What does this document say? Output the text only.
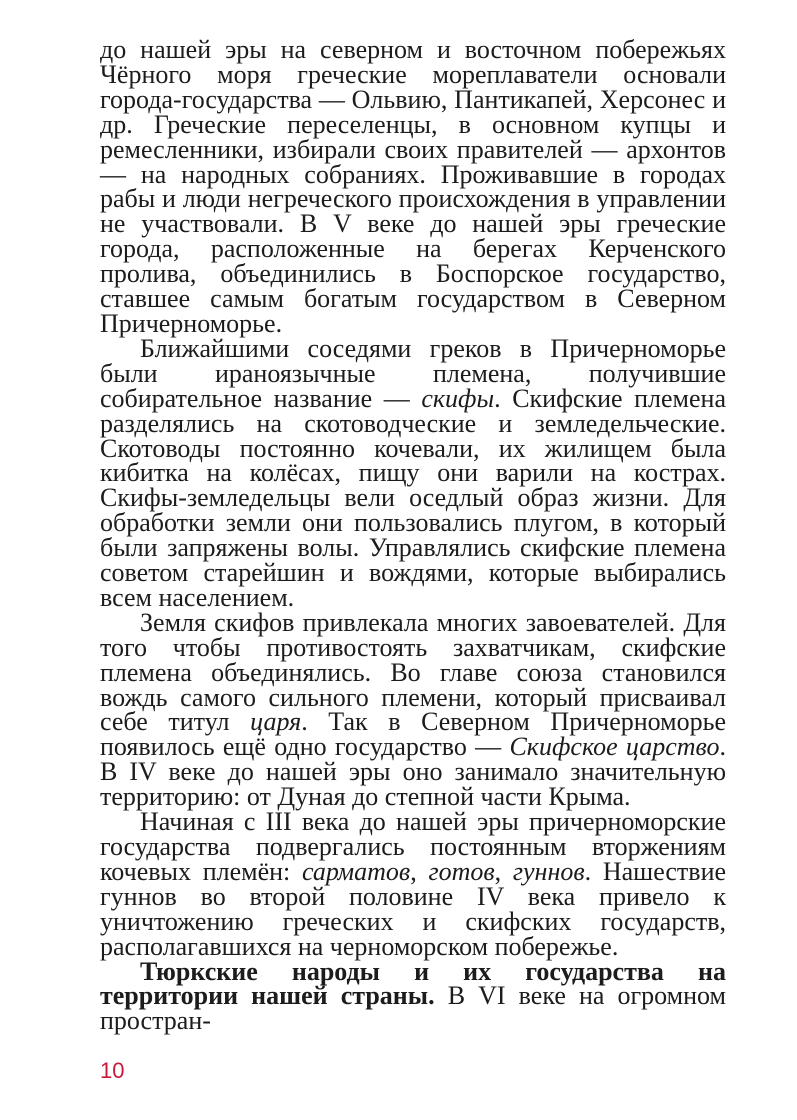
до нашей эры на северном и восточном побережьях Чёрного моря греческие мореплаватели основали города-государства — Ольвию, Пантикапей, Херсонес и др. Греческие переселенцы, в основном купцы и ремесленники, избирали своих правителей — архонтов — на народных собраниях. Проживавшие в городах рабы и люди негреческого происхождения в управлении не участвовали. В V веке до нашей эры греческие города, расположенные на берегах Керченского пролива, объединились в Боспорское государство, ставшее самым богатым государством в Северном Причерноморье.

Ближайшими соседями греков в Причерноморье были ираноязычные племена, получившие собирательное название — скифы. Скифские племена разделялись на скотоводческие и земледельческие. Скотоводы постоянно кочевали, их жилищем была кибитка на колёсах, пищу они варили на кострах. Скифы-земледельцы вели оседлый образ жизни. Для обработки земли они пользовались плугом, в который были запряжены волы. Управлялись скифские племена советом старейшин и вождями, которые выбирались всем населением.

Земля скифов привлекала многих завоевателей. Для того чтобы противостоять захватчикам, скифские племена объединялись. Во главе союза становился вождь самого сильного племени, который присваивал себе титул царя. Так в Северном Причерноморье появилось ещё одно государство — Скифское царство. В IV веке до нашей эры оно занимало значительную территорию: от Дуная до степной части Крыма.

Начиная с III века до нашей эры причерноморские государства подвергались постоянным вторжениям кочевых племён: сарматов, готов, гуннов. Нашествие гуннов во второй половине IV века привело к уничтожению греческих и скифских государств, располагавшихся на черноморском побережье.

Тюркские народы и их государства на территории нашей страны. В VI веке на огромном простран-

10
